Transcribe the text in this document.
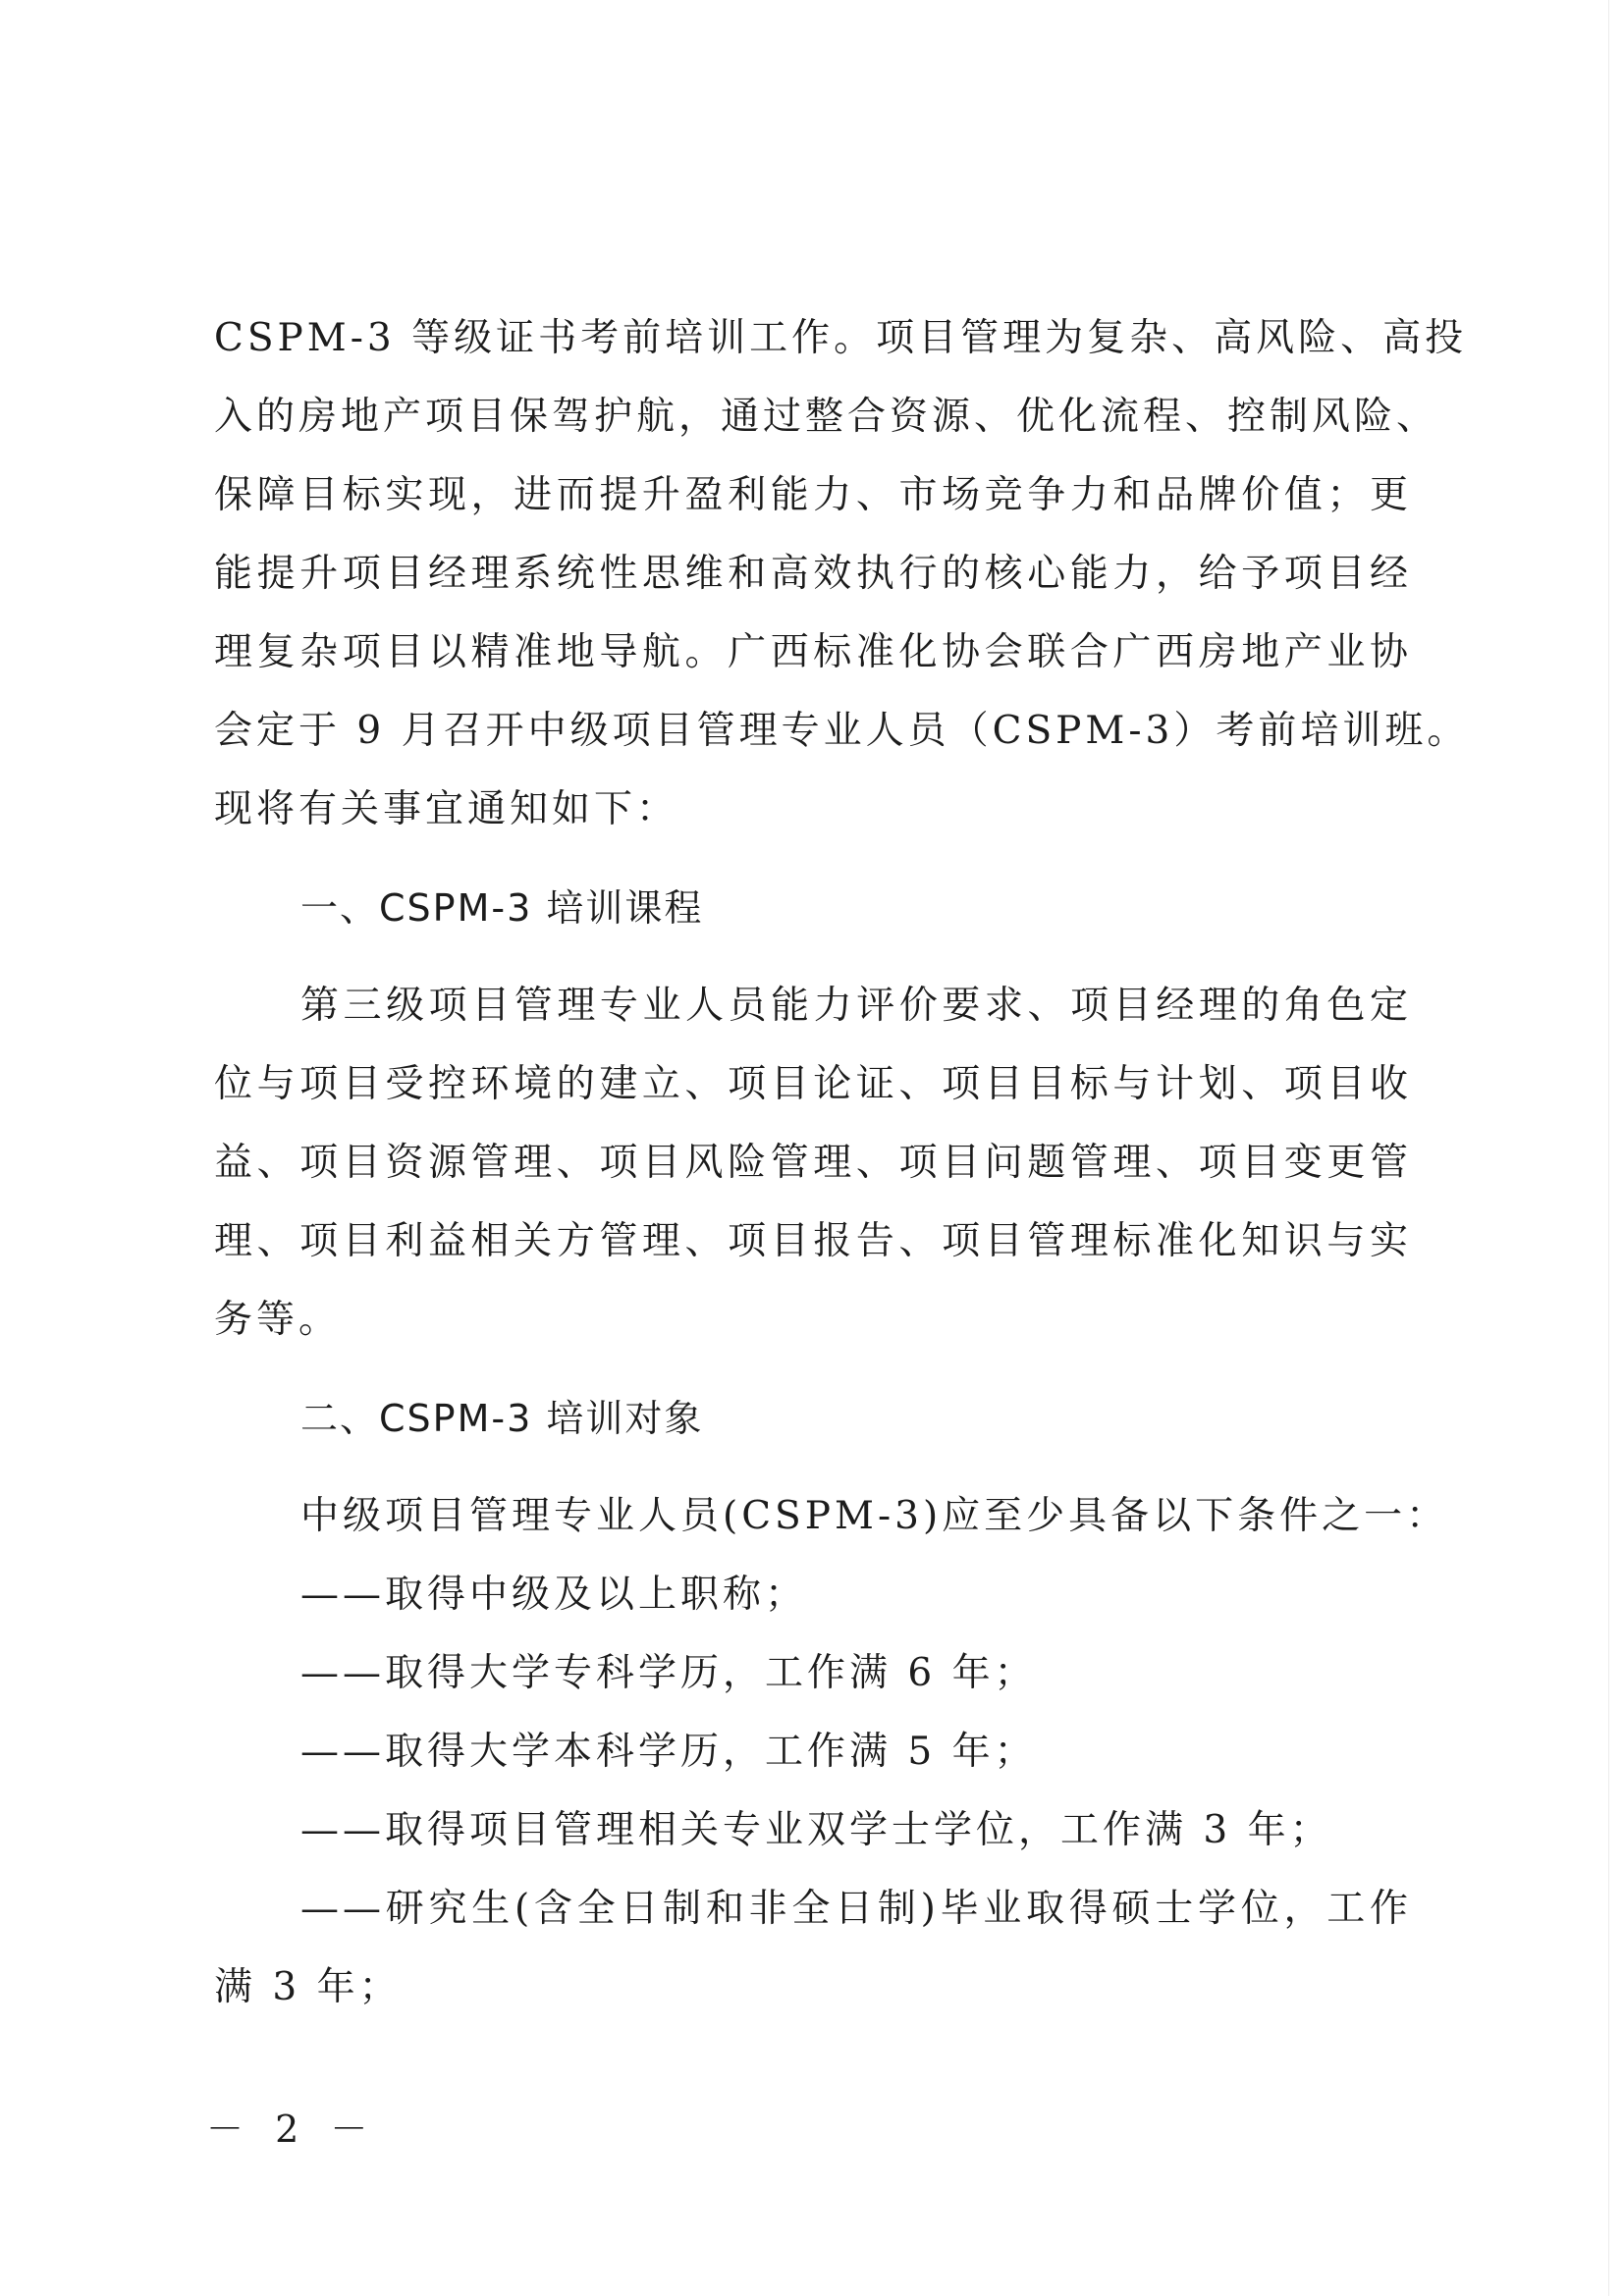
CSPM-3 等级证书考前培训工作。项目管理为复杂、高风险、高投
入的房地产项目保驾护航，通过整合资源、优化流程、控制风险、
保障目标实现，进而提升盈利能力、市场竞争力和品牌价值；更
能提升项目经理系统性思维和高效执行的核心能力，给予项目经
理复杂项目以精准地导航。广西标准化协会联合广西房地产业协
会定于 9 月召开中级项目管理专业人员（CSPM-3）考前培训班。
现将有关事宜通知如下：
一、CSPM-3 培训课程
第三级项目管理专业人员能力评价要求、项目经理的角色定
位与项目受控环境的建立、项目论证、项目目标与计划、项目收
益、项目资源管理、项目风险管理、项目问题管理、项目变更管
理、项目利益相关方管理、项目报告、项目管理标准化知识与实
务等。
二、CSPM-3 培训对象
中级项目管理专业人员(CSPM-3)应至少具备以下条件之一：
——取得中级及以上职称；
——取得大学专科学历，工作满 6 年；
——取得大学本科学历，工作满 5 年；
——取得项目管理相关专业双学士学位，工作满 3 年；
——研究生(含全日制和非全日制)毕业取得硕士学位，工作
满 3 年；
－ 2 －
